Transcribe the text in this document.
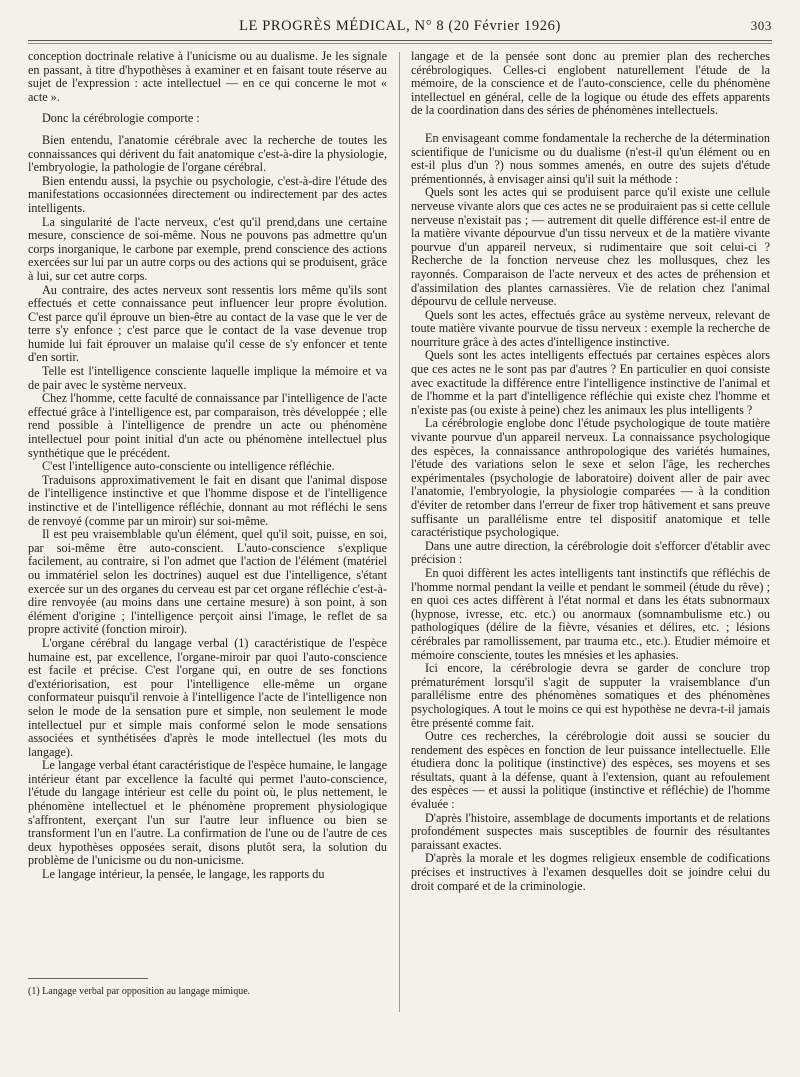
LE PROGRÈS MÉDICAL, N° 8 (20 Février 1926)	303

conception doctrinale relative à l'unicisme ou au dualisme. Je les signale en passant, à titre d'hypothèses à examiner et en faisant toute réserve au sujet de l'expression : acte intellectuel — en ce qui concerne le mot « acte ».

Donc la cérébrologie comporte :

Bien entendu, l'anatomie cérébrale avec la recherche de toutes les connaissances qui dérivent du fait anatomique c'est-à-dire la physiologie, l'embryologie, la pathologie de l'organe cérébral.

Bien entendu aussi, la psychie ou psychologie, c'est-à-dire l'étude des manifestations occasionnées directement ou indirectement par des actes intelligents.

La singularité de l'acte nerveux, c'est qu'il prend,dans une certaine mesure, conscience de soi-même. Nous ne pouvons pas admettre qu'un corps inorganique, le carbone par exemple, prend conscience des actions exercées sur lui par un autre corps ou des actions qui se produisent, grâce à lui, sur cet autre corps.

Au contraire, des actes nerveux sont ressentis lors même qu'ils sont effectués et cette connaissance peut influencer leur propre évolution. C'est parce qu'il éprouve un bien-être au contact de la vase que le ver de terre s'y enfonce ; c'est parce que le contact de la vase devenue trop humide lui fait éprouver un malaise qu'il cesse de s'y enfoncer et tente d'en sortir.

Telle est l'intelligence consciente laquelle implique la mémoire et va de pair avec le système nerveux.

Chez l'homme, cette faculté de connaissance par l'intelligence de l'acte effectué grâce à l'intelligence est, par comparaison, très développée ; elle rend possible à l'intelligence de prendre un acte ou phénomène intellectuel pour point initial d'un acte ou phénomène intellectuel plus synthétique que le précédent.

C'est l'intelligence auto-consciente ou intelligence réfléchie.

Traduisons approximativement le fait en disant que l'animal dispose de l'intelligence instinctive et que l'homme dispose et de l'intelligence instinctive et de l'intelligence réfléchie, donnant au mot réfléchi le sens de renvoyé (comme par un miroir) sur soi-même.

Il est peu vraisemblable qu'un élément, quel qu'il soit, puisse, en soi, par soi-même être auto-conscient. L'auto-conscience s'explique facilement, au contraire, si l'on admet que l'action de l'élément (matériel ou immatériel selon les doctrines) auquel est due l'intelligence, s'étant exercée sur un des organes du cerveau est par cet organe réfléchie c'est-à-dire renvoyée (au moins dans une certaine mesure) à son point, à son élément d'origine ; l'intelligence perçoit ainsi l'image, le reflet de sa propre activité (fonction miroir).

L'organe cérébral du langage verbal (1) caractéristique de l'espèce humaine est, par excellence, l'organe-miroir par quoi l'auto-conscience est facile et précise. C'est l'organe qui, en outre de ses fonctions d'extériorisation, est pour l'intelligence elle-même un organe conformateur puisqu'il renvoie à l'intelligence l'acte de l'intelligence non selon le mode de la sensation pure et simple, non seulement le mode intellectuel pur et simple mais conformé selon le mode sensations associées et synthétisées d'après le mode intellectuel (les mots du langage).

Le langage verbal étant caractéristique de l'espèce humaine, le langage intérieur étant par excellence la faculté qui permet l'auto-conscience, l'étude du langage intérieur est celle du point où, le plus nettement, le phénomène intellectuel et le phénomène proprement physiologique s'affrontent, exerçant l'un sur l'autre leur influence ou bien se transforment l'un en l'autre. La confirmation de l'une ou de l'autre de ces deux hypothèses opposées serait, disons plutôt sera, la solution du problème de l'unicisme ou du non-unicisme.

Le langage intérieur, la pensée, le langage, les rapports du

langage et de la pensée sont donc au premier plan des recherches cérébrologiques. Celles-ci englobent naturellement l'étude de la mémoire, de la conscience et de l'auto-conscience, celle du phénomène intellectuel en général, celle de la logique ou étude des effets apparents de la coordination dans des séries de phénomènes intellectuels.

En envisageant comme fondamentale la recherche de la détermination scientifique de l'unicisme ou du dualisme (n'est-il qu'un élément ou en est-il plus d'un ?) nous sommes amenés, en outre des sujets d'étude prémentionnés, à envisager ainsi qu'il suit la méthode :

Quels sont les actes qui se produisent parce qu'il existe une cellule nerveuse vivante alors que ces actes ne se produiraient pas si cette cellule nerveuse n'existait pas ; — autrement dit quelle différence est-il entre de la matière vivante dépourvue d'un tissu nerveux et de la matière vivante pourvue d'un appareil nerveux, si rudimentaire que soit celui-ci ? Recherche de la fonction nerveuse chez les mollusques, chez les rayonnés. Comparaison de l'acte nerveux et des actes de préhension et d'assimilation des plantes carnassières. Vie de relation chez l'animal dépourvu de cellule nerveuse.

Quels sont les actes, effectués grâce au système nerveux, relevant de toute matière vivante pourvue de tissu nerveux : exemple la recherche de nourriture grâce à des actes d'intelligence instinctive.

Quels sont les actes intelligents effectués par certaines espèces alors que ces actes ne le sont pas par d'autres ? En particulier en quoi consiste avec exactitude la différence entre l'intelligence instinctive de l'animal et de l'homme et la part d'intelligence réfléchie qui existe chez l'homme et n'existe pas (ou existe à peine) chez les animaux les plus intelligents ?

La cérébrologie englobe donc l'étude psychologique de toute matière vivante pourvue d'un appareil nerveux. La connaissance psychologique des espèces, la connaissance anthropologique des variétés humaines, l'étude des variations selon le sexe et selon l'âge, les recherches expérimentales (psychologie de laboratoire) doivent aller de pair avec l'anatomie, l'embryologie, la physiologie comparées — à la condition d'éviter de retomber dans l'erreur de fixer trop hâtivement et sans preuve suffisante un parallélisme entre tel dispositif anatomique et telle caractéristique psychologique.

Dans une autre direction, la cérébrologie doit s'efforcer d'établir avec précision :

En quoi diffèrent les actes intelligents tant instinctifs que réfléchis de l'homme normal pendant la veille et pendant le sommeil (étude du rêve) ; en quoi ces actes diffèrent à l'état normal et dans les états subnormaux (hypnose, ivresse, etc. etc.) ou anormaux (somnambulisme etc.) ou pathologiques (délire de la fièvre, vésanies et délires, etc. ; lésions cérébrales par ramollissement, par trauma etc., etc.). Etudier mémoire et mémoire consciente, toutes les mnésies et les aphasies.

Ici encore, la cérébrologie devra se garder de conclure trop prématurément lorsqu'il s'agit de supputer la vraisemblance d'un parallélisme entre des phénomènes somatiques et des phénomènes psychologiques. A tout le moins ce qui est hypothèse ne devra-t-il jamais être présenté comme fait.

Outre ces recherches, la cérébrologie doit aussi se soucier du rendement des espèces en fonction de leur puissance intellectuelle. Elle étudiera donc la politique (instinctive) des espèces, ses moyens et ses résultats, quant à la défense, quant à l'extension, quant au refoulement des espèces — et aussi la politique (instinctive et réfléchie) de l'homme évaluée :

D'après l'histoire, assemblage de documents importants et de relations profondément suspectes mais susceptibles de fournir des résultantes paraissant exactes.

D'après la morale et les dogmes religieux ensemble de codifications précises et instructives à l'examen desquelles doit se joindre celui du droit comparé et de la criminologie.

(1) Langage verbal par opposition au langage mimique.
